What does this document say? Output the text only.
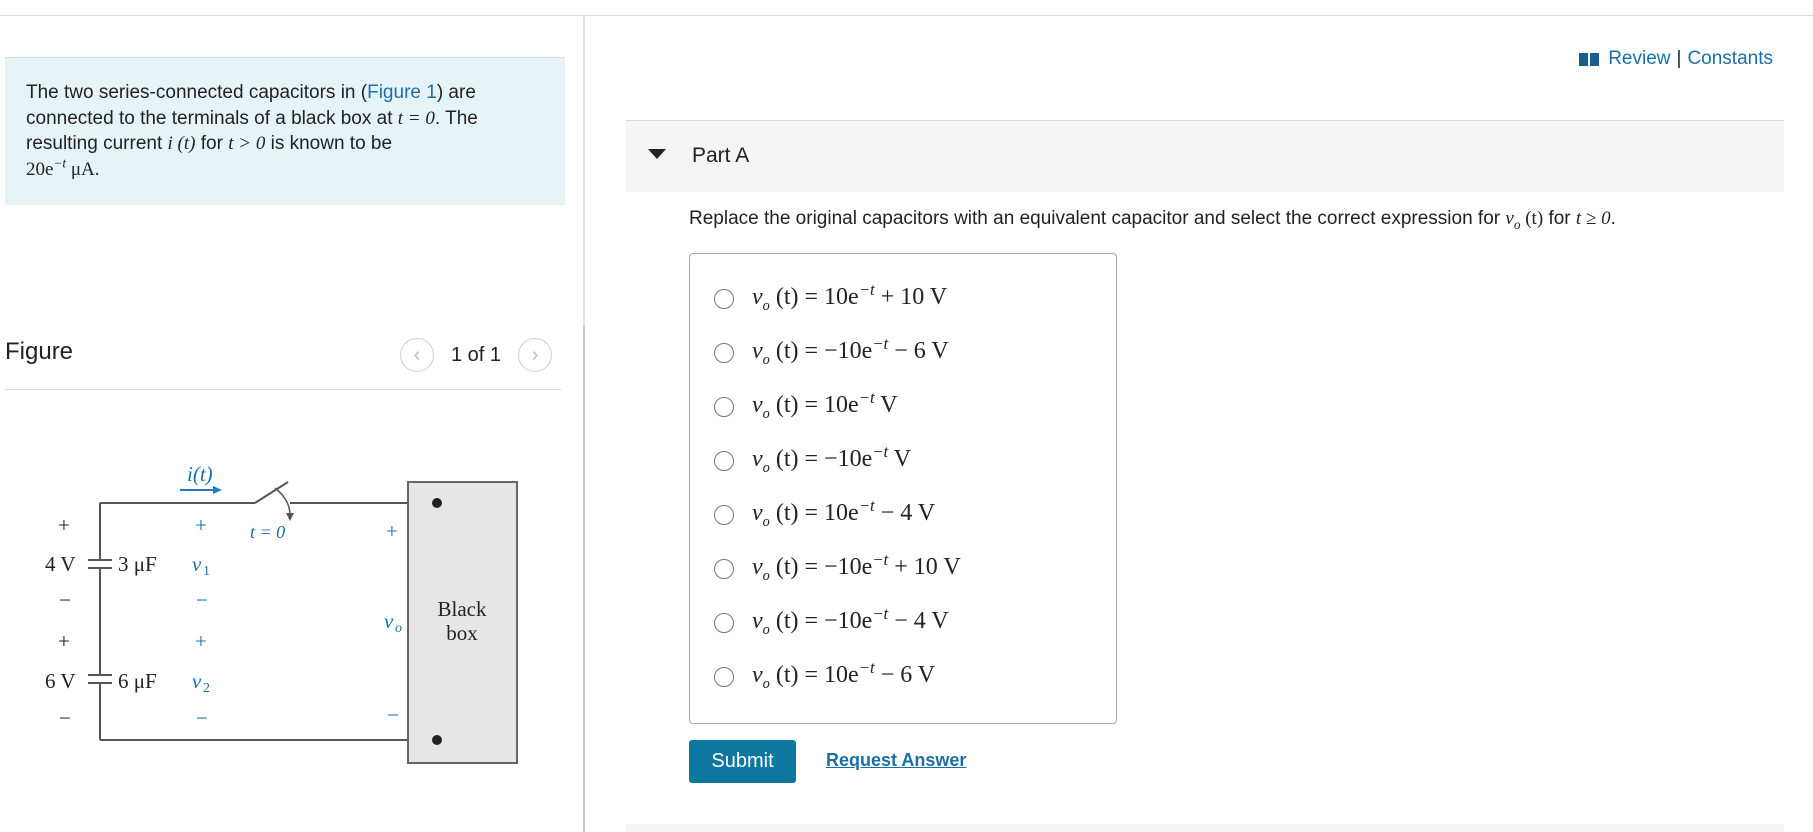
The two series-connected capacitors in (Figure 1) are connected to the terminals of a black box at t = 0. The resulting current i (t) for t > 0 is known to be
$20e^{-t}$ μA.
Figure	‹	1 of 1	›
i(t)
t = 0
+
4 V 3 μF
−
+
6 V 6 μF
−
+
v 1
−
+
v 2
−
+
v o
−
Black
box
Review | Constants
Part A
Replace the original capacitors with an equivalent capacitor and select the correct expression for $v_o$ (t) for t ≥ 0.
$v_o$ $(t) = 10e^{-t} + 10$ V
$v_o$ $(t) = -10e^{-t} - 6$ V
$v_o$ $(t) = 10e^{-t}$ V
$v_o$ $(t) = -10e^{-t}$ V
$v_o$ $(t) = 10e^{-t} - 4$ V
$v_o$ $(t) = -10e^{-t} + 10$ V
$v_o$ $(t) = -10e^{-t} - 4$ V
$v_o$ $(t) = 10e^{-t} - 6$ V
Submit	Request Answer
